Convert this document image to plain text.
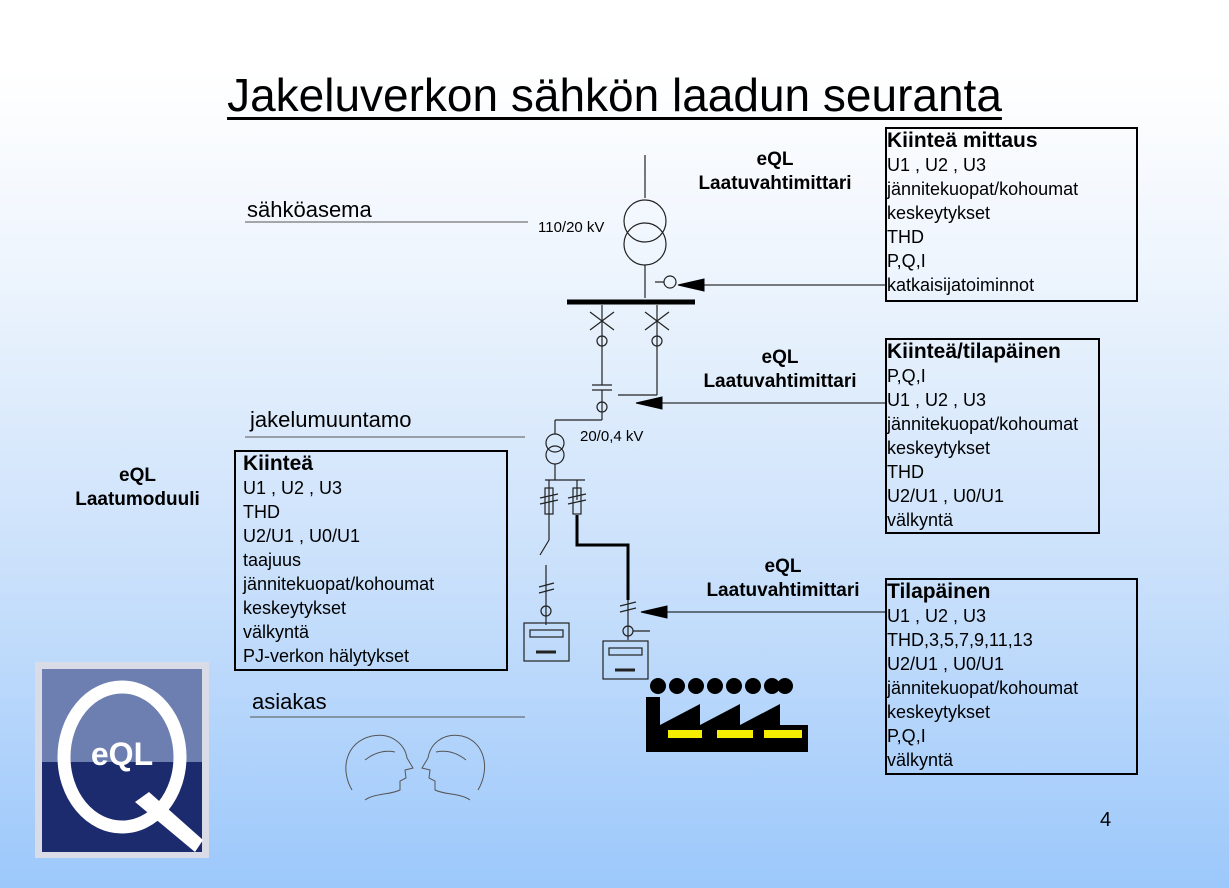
Jakeluverkon sähkön laadun seuranta
sähköasema
jakelumuuntamo
asiakas
110/20 kV
20/0,4 kV
eQL
Laatuvahtimittari
eQL
Laatuvahtimittari
eQL
Laatuvahtimittari
eQL
Laatumoduuli
Kiinteä mittaus
U1 , U2 , U3
jännitekuopat/kohoumat
keskeytykset
THD
P,Q,I
katkaisijatoiminnot
Kiinteä/tilapäinen
P,Q,I
U1 , U2 , U3
jännitekuopat/kohoumat
keskeytykset
THD
U2/U1 , U0/U1
välkyntä
Kiinteä
U1 , U2 , U3
THD
U2/U1 , U0/U1
taajuus
jännitekuopat/kohoumat
keskeytykset
välkyntä
PJ-verkon hälytykset
Tilapäinen
U1 , U2 , U3
THD,3,5,7,9,11,13
U2/U1 , U0/U1
jännitekuopat/kohoumat
keskeytykset
P,Q,I
välkyntä
eQL
4
